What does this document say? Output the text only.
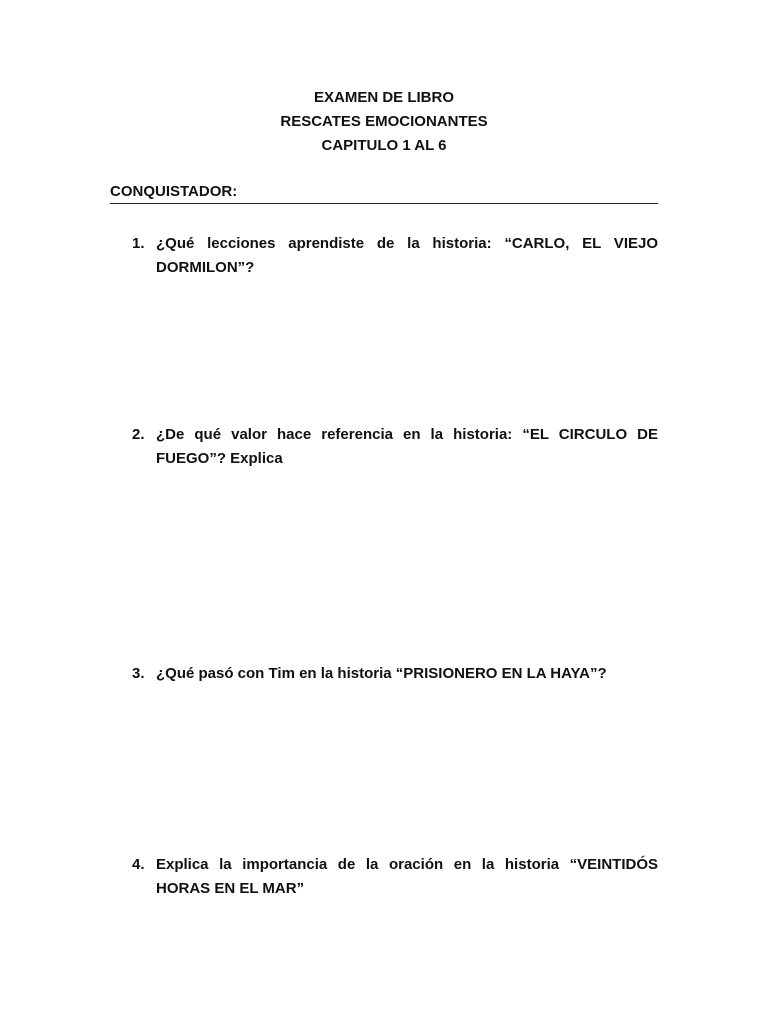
EXAMEN DE LIBRO
RESCATES EMOCIONANTES
CAPITULO 1 AL 6
CONQUISTADOR:
1. ¿Qué lecciones aprendiste de la historia: “CARLO, EL VIEJO DORMILON”?
2. ¿De qué valor hace referencia en la historia: “EL CIRCULO DE FUEGO”? Explica
3. ¿Qué pasó con Tim en la historia “PRISIONERO EN LA HAYA”?
4. Explica la importancia de la oración en la historia “VEINTIDÓS HORAS EN EL MAR”
